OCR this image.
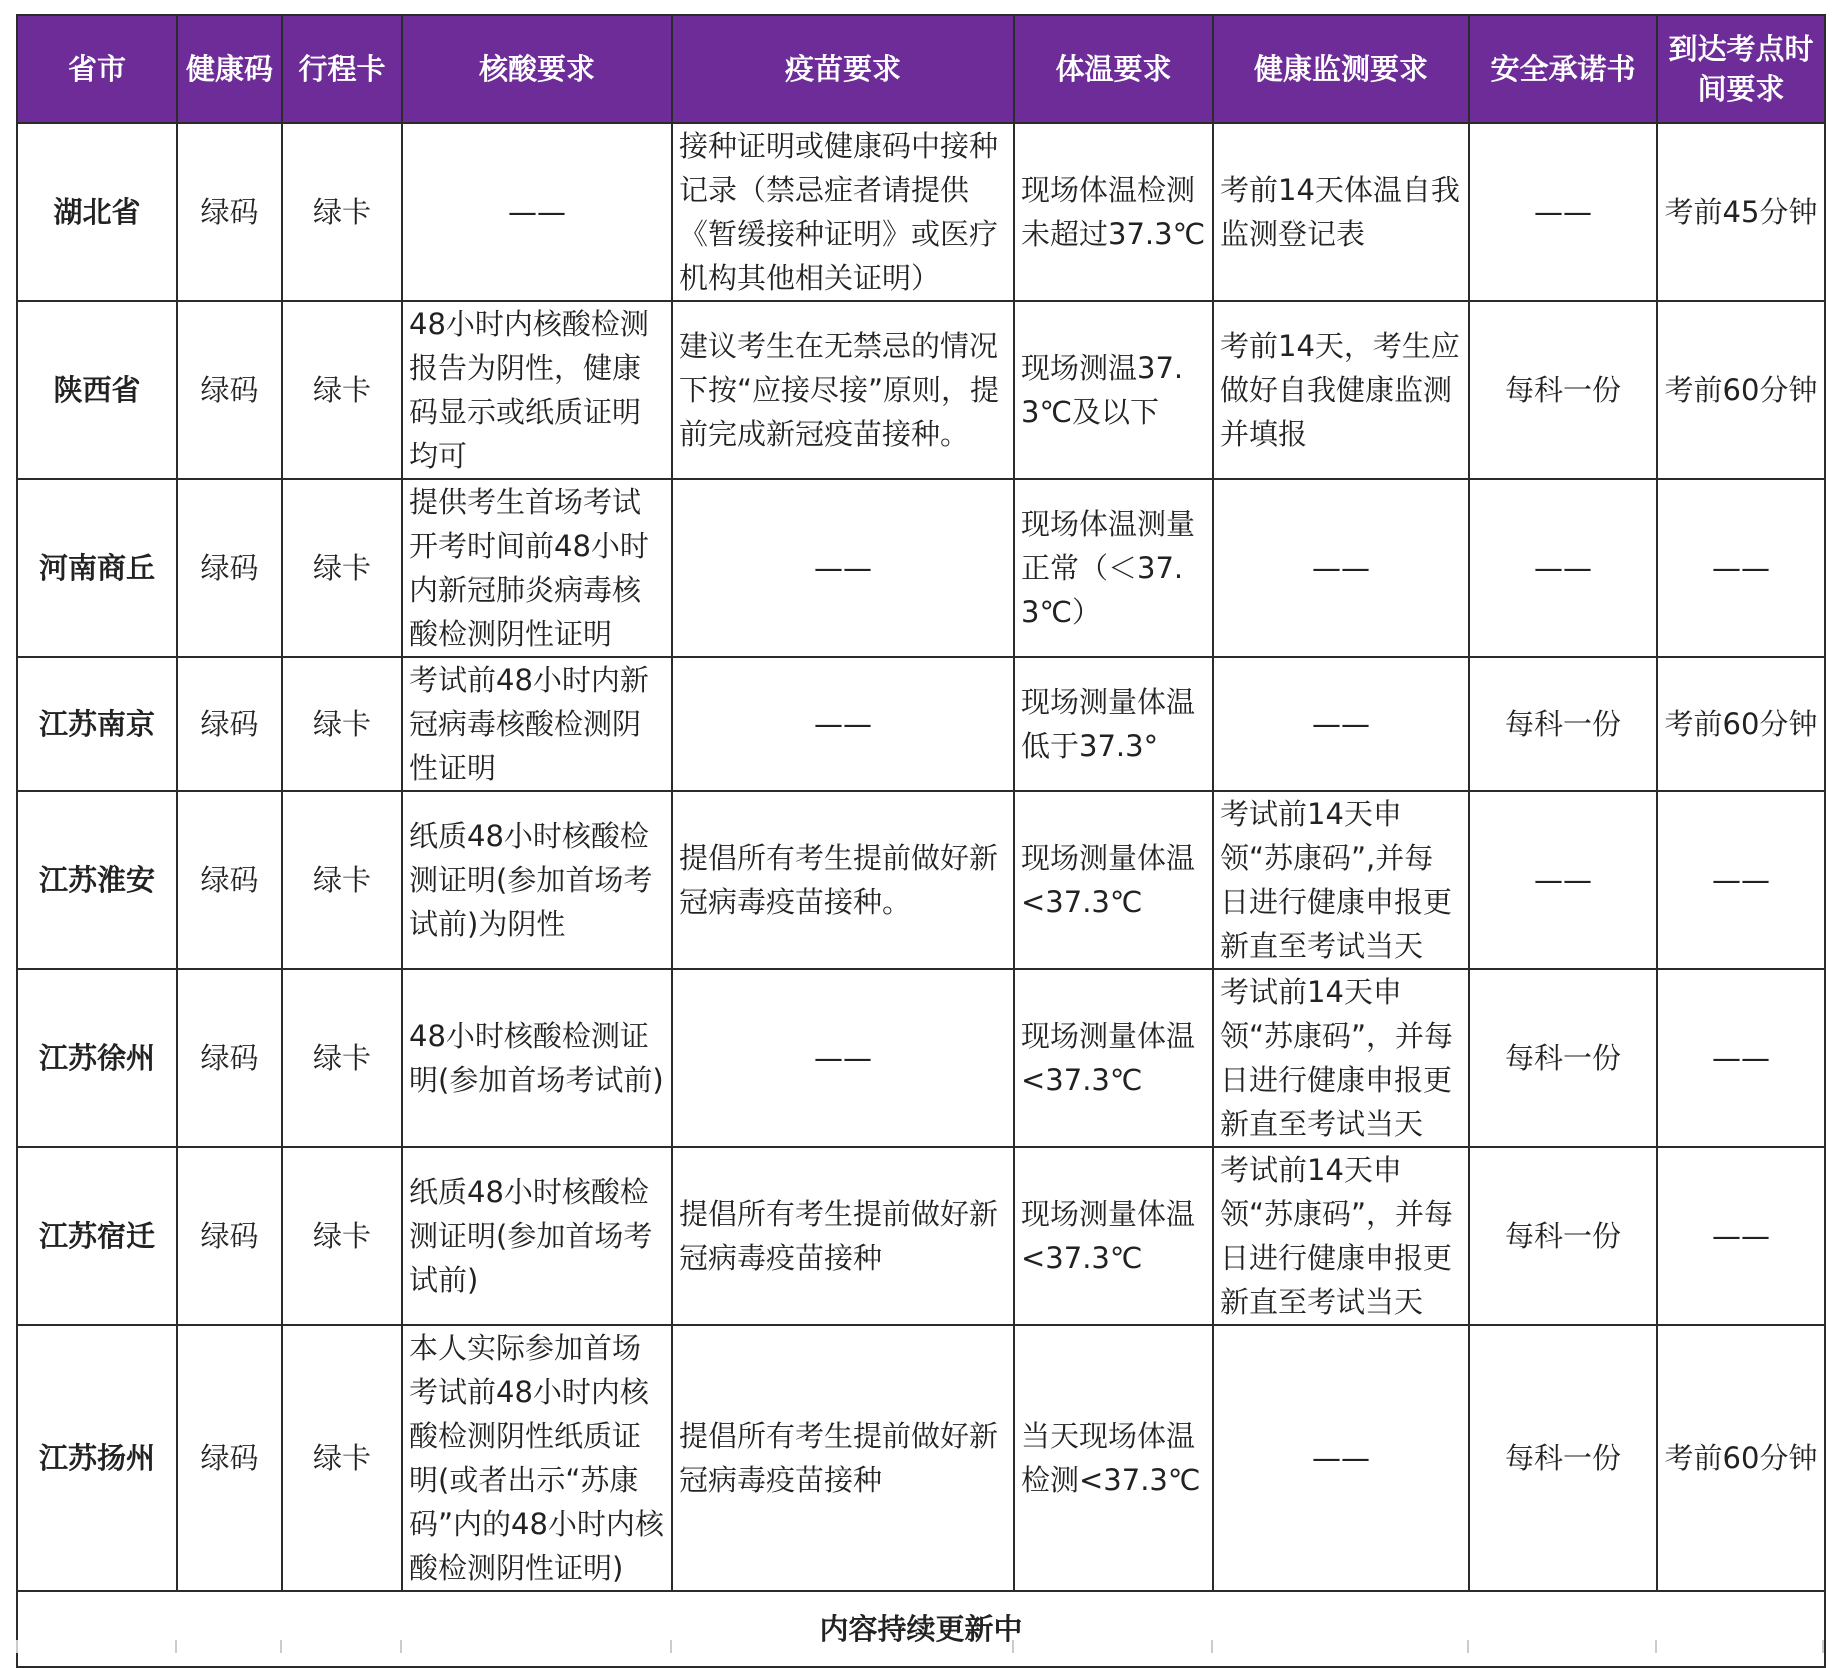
省市	健康码	行程卡	核酸要求	疫苗要求	体温要求	健康监测要求	安全承诺书	到达考点时间要求
湖北省	绿码	绿卡	——	接种证明或健康码中接种记录（禁忌症者请提供《暂缓接种证明》或医疗机构其他相关证明）	现场体温检测未超过37.3℃	考前14天体温自我监测登记表	——	考前45分钟
陕西省	绿码	绿卡	48小时内核酸检测报告为阴性，健康码显示或纸质证明均可	建议考生在无禁忌的情况下按“应接尽接”原则，提前完成新冠疫苗接种。	现场测温37.3℃及以下	考前14天，考生应做好自我健康监测并填报	每科一份	考前60分钟
河南商丘	绿码	绿卡	提供考生首场考试开考时间前48小时内新冠肺炎病毒核酸检测阴性证明	——	现场体温测量正常（＜37.3℃）	——	——	——
江苏南京	绿码	绿卡	考试前48小时内新冠病毒核酸检测阴性证明	——	现场测量体温低于37.3°	——	每科一份	考前60分钟
江苏淮安	绿码	绿卡	纸质48小时核酸检测证明(参加首场考试前)为阴性	提倡所有考生提前做好新冠病毒疫苗接种。	现场测量体温<37.3℃	考试前14天申领“苏康码”,并每日进行健康申报更新直至考试当天	——	——
江苏徐州	绿码	绿卡	48小时核酸检测证明(参加首场考试前)	——	现场测量体温<37.3℃	考试前14天申领“苏康码”，并每日进行健康申报更新直至考试当天	每科一份	——
江苏宿迁	绿码	绿卡	纸质48小时核酸检测证明(参加首场考试前)	提倡所有考生提前做好新冠病毒疫苗接种	现场测量体温<37.3℃	考试前14天申领“苏康码”，并每日进行健康申报更新直至考试当天	每科一份	——
江苏扬州	绿码	绿卡	本人实际参加首场考试前48小时内核酸检测阴性纸质证明(或者出示“苏康码”内的48小时内核酸检测阴性证明)	提倡所有考生提前做好新冠病毒疫苗接种	当天现场体温检测<37.3℃	——	每科一份	考前60分钟
内容持续更新中								
